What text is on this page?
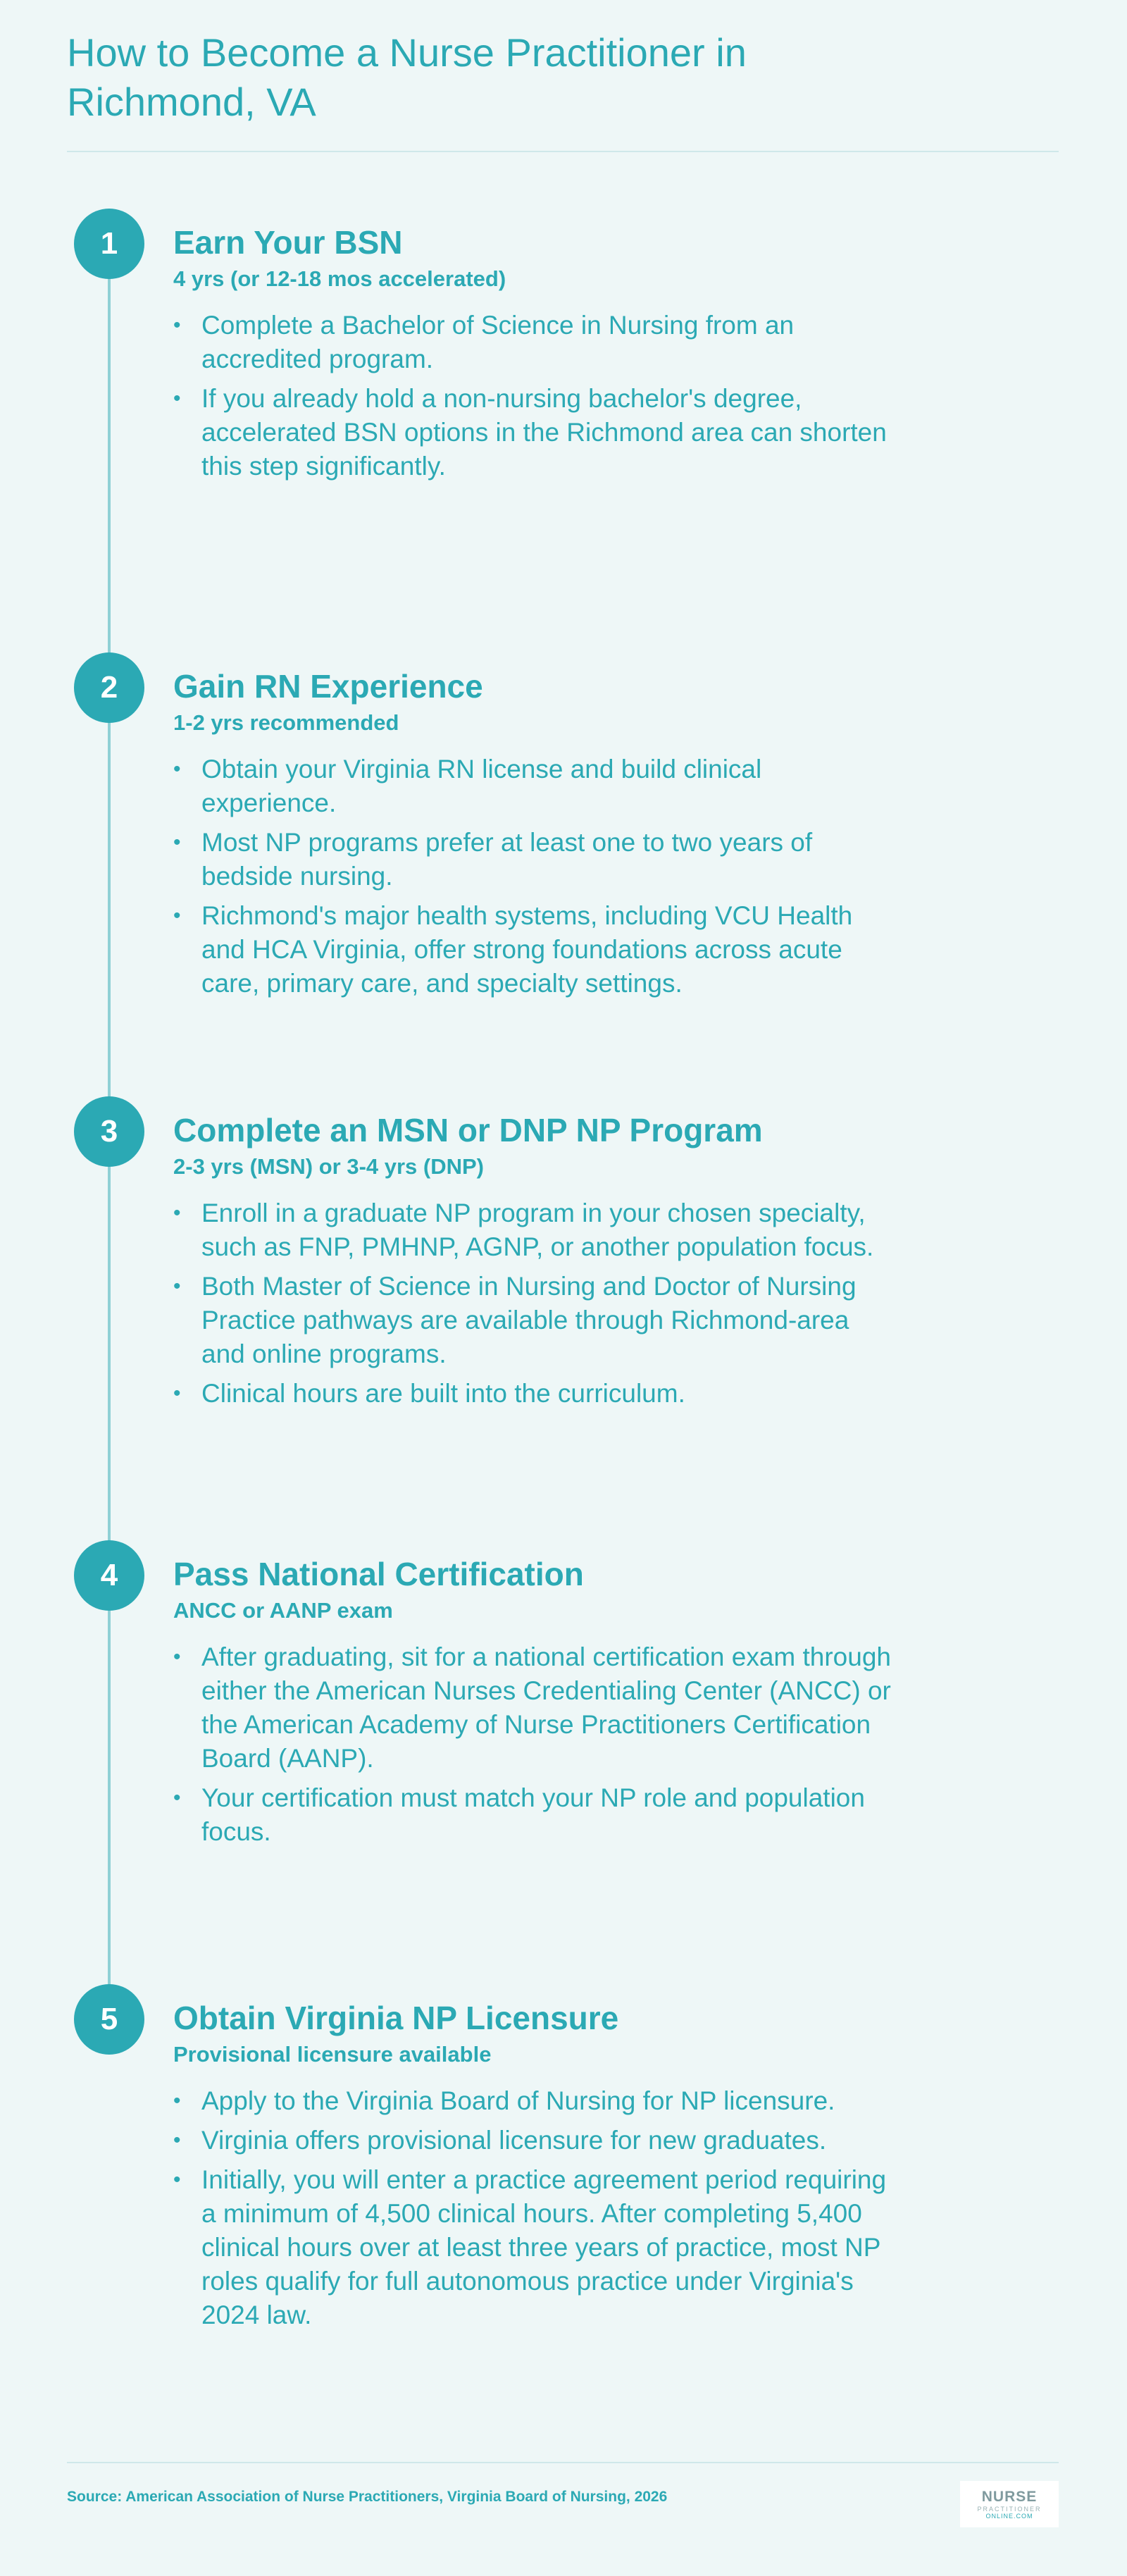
How to Become a Nurse Practitioner in Richmond, VA
1	Earn Your BSN
4 yrs (or 12-18 mos accelerated)
• Complete a Bachelor of Science in Nursing from an accredited program.
• If you already hold a non-nursing bachelor's degree, accelerated BSN options in the Richmond area can shorten this step significantly.
2	Gain RN Experience
1-2 yrs recommended
• Obtain your Virginia RN license and build clinical experience.
• Most NP programs prefer at least one to two years of bedside nursing.
• Richmond's major health systems, including VCU Health and HCA Virginia, offer strong foundations across acute care, primary care, and specialty settings.
3	Complete an MSN or DNP NP Program
2-3 yrs (MSN) or 3-4 yrs (DNP)
• Enroll in a graduate NP program in your chosen specialty, such as FNP, PMHNP, AGNP, or another population focus.
• Both Master of Science in Nursing and Doctor of Nursing Practice pathways are available through Richmond-area and online programs.
• Clinical hours are built into the curriculum.
4	Pass National Certification
ANCC or AANP exam
• After graduating, sit for a national certification exam through either the American Nurses Credentialing Center (ANCC) or the American Academy of Nurse Practitioners Certification Board (AANP).
• Your certification must match your NP role and population focus.
5	Obtain Virginia NP Licensure
Provisional licensure available
• Apply to the Virginia Board of Nursing for NP licensure.
• Virginia offers provisional licensure for new graduates.
• Initially, you will enter a practice agreement period requiring a minimum of 4,500 clinical hours. After completing 5,400 clinical hours over at least three years of practice, most NP roles qualify for full autonomous practice under Virginia's 2024 law.
Source: American Association of Nurse Practitioners, Virginia Board of Nursing, 2026	NURSE
PRACTITIONER
ONLINE.COM
